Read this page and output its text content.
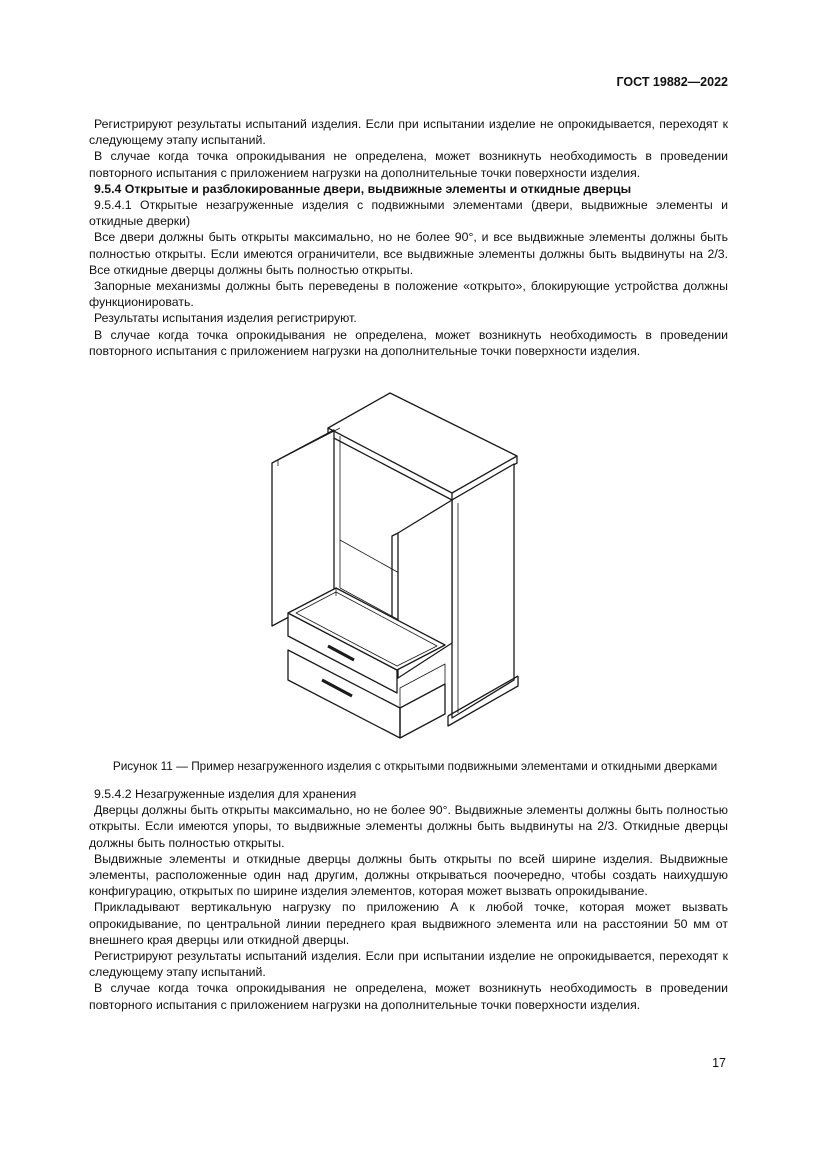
ГОСТ 19882—2022

Регистрируют результаты испытаний изделия. Если при испытании изделие не опрокидывается, переходят к следующему этапу испытаний.

В случае когда точка опрокидывания не определена, может возникнуть необходимость в проведении повторного испытания с приложением нагрузки на дополнительные точки поверхности изделия.

9.5.4 Открытые и разблокированные двери, выдвижные элементы и откидные дверцы

9.5.4.1 Открытые незагруженные изделия с подвижными элементами (двери, выдвижные элементы и откидные дверки)

Все двери должны быть открыты максимально, но не более 90°, и все выдвижные элементы должны быть полностью открыты. Если имеются ограничители, все выдвижные элементы должны быть выдвинуты на 2/3. Все откидные дверцы должны быть полностью открыты.

Запорные механизмы должны быть переведены в положение «открыто», блокирующие устройства должны функционировать.

Результаты испытания изделия регистрируют.

В случае когда точка опрокидывания не определена, может возникнуть необходимость в проведении повторного испытания с приложением нагрузки на дополнительные точки поверхности изделия.

Рисунок 11 — Пример незагруженного изделия с открытыми подвижными элементами и откидными дверками

9.5.4.2 Незагруженные изделия для хранения

Дверцы должны быть открыты максимально, но не более 90°. Выдвижные элементы должны быть полностью открыты. Если имеются упоры, то выдвижные элементы должны быть выдвинуты на 2/3. Откидные дверцы должны быть полностью открыты.

Выдвижные элементы и откидные дверцы должны быть открыты по всей ширине изделия. Выдвижные элементы, расположенные один над другим, должны открываться поочередно, чтобы создать наихудшую конфигурацию, открытых по ширине изделия элементов, которая может вызвать опрокидывание.

Прикладывают вертикальную нагрузку по приложению А к любой точке, которая может вызвать опрокидывание, по центральной линии переднего края выдвижного элемента или на расстоянии 50 мм от внешнего края дверцы или откидной дверцы.

Регистрируют результаты испытаний изделия. Если при испытании изделие не опрокидывается, переходят к следующему этапу испытаний.

В случае когда точка опрокидывания не определена, может возникнуть необходимость в проведении повторного испытания с приложением нагрузки на дополнительные точки поверхности изделия.

17
